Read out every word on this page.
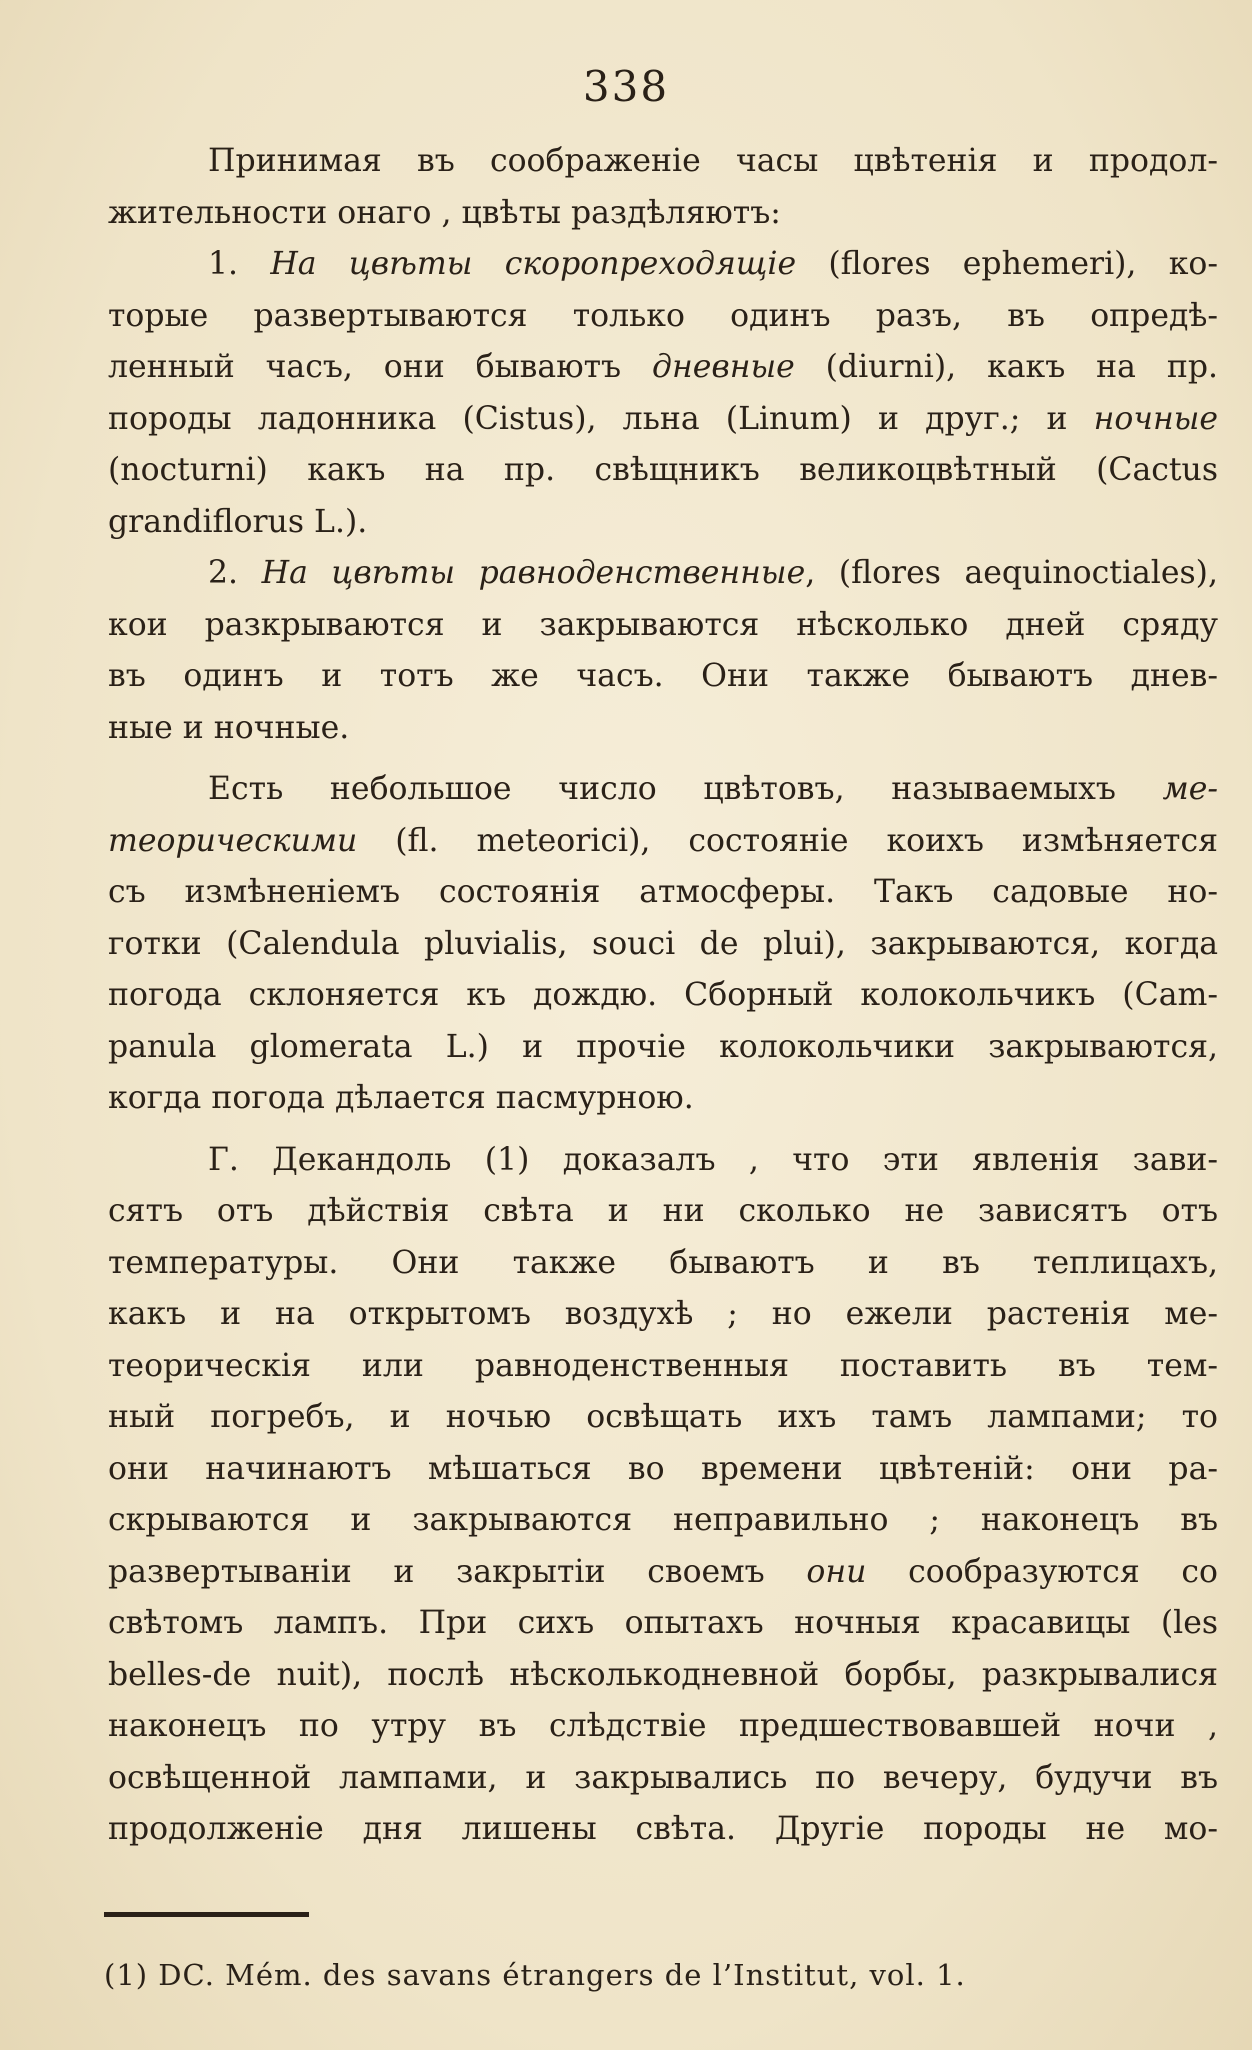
338
Принимая въ соображеніе часы цвѣтенія и продол-
жительности онаго , цвѣты раздѣляютъ:
1. На цвѣты скоропреходящіе (flores ephemeri), ко-
торые развертываются только одинъ разъ, въ опредѣ-
ленный часъ, они бываютъ дневные (diurni), какъ на пр.
породы ладонника (Cistus), льна (Linum) и друг.; и ночные
(nocturni) какъ на пр. свѣщникъ великоцвѣтный (Cactus
grandiflorus L.).
2. На цвѣты равноденственные, (flores aequinoctiales),
кои разкрываются и закрываются нѣсколько дней сряду
въ одинъ и тотъ же часъ. Они также бываютъ днев-
ные и ночные.
Есть небольшое число цвѣтовъ, называемыхъ ме-
теорическими (fl. meteorici), состояніе коихъ измѣняется
съ измѣненіемъ состоянія атмосферы. Такъ садовые но-
готки (Calendula pluvialis, souci de plui), закрываются, когда
погода склоняется къ дождю. Сборный колокольчикъ (Cam-
panula glomerata L.) и прочіе колокольчики закрываются,
когда погода дѣлается пасмурною.
Г. Декандоль (1) доказалъ , что эти явленія зави-
сятъ отъ дѣйствія свѣта и ни сколько не зависятъ отъ
температуры. Они также бываютъ и въ теплицахъ,
какъ и на открытомъ воздухѣ ; но ежели растенія ме-
теорическія или равноденственныя поставить въ тем-
ный погребъ, и ночью освѣщать ихъ тамъ лампами; то
они начинаютъ мѣшаться во времени цвѣтеній: они ра-
скрываются и закрываются неправильно ; наконецъ въ
развертываніи и закрытіи своемъ они сообразуются со
свѣтомъ лампъ. При сихъ опытахъ ночныя красавицы (les
belles-de nuit), послѣ нѣсколькодневной борбы, разкрывалися
наконецъ по утру въ слѣдствіе предшествовавшей ночи ,
освѣщенной лампами, и закрывались по вечеру, будучи въ
продолженіе дня лишены свѣта. Другіе породы не мо-
(1) DC. Mém. des savans étrangers de l’Institut, vol. 1.
